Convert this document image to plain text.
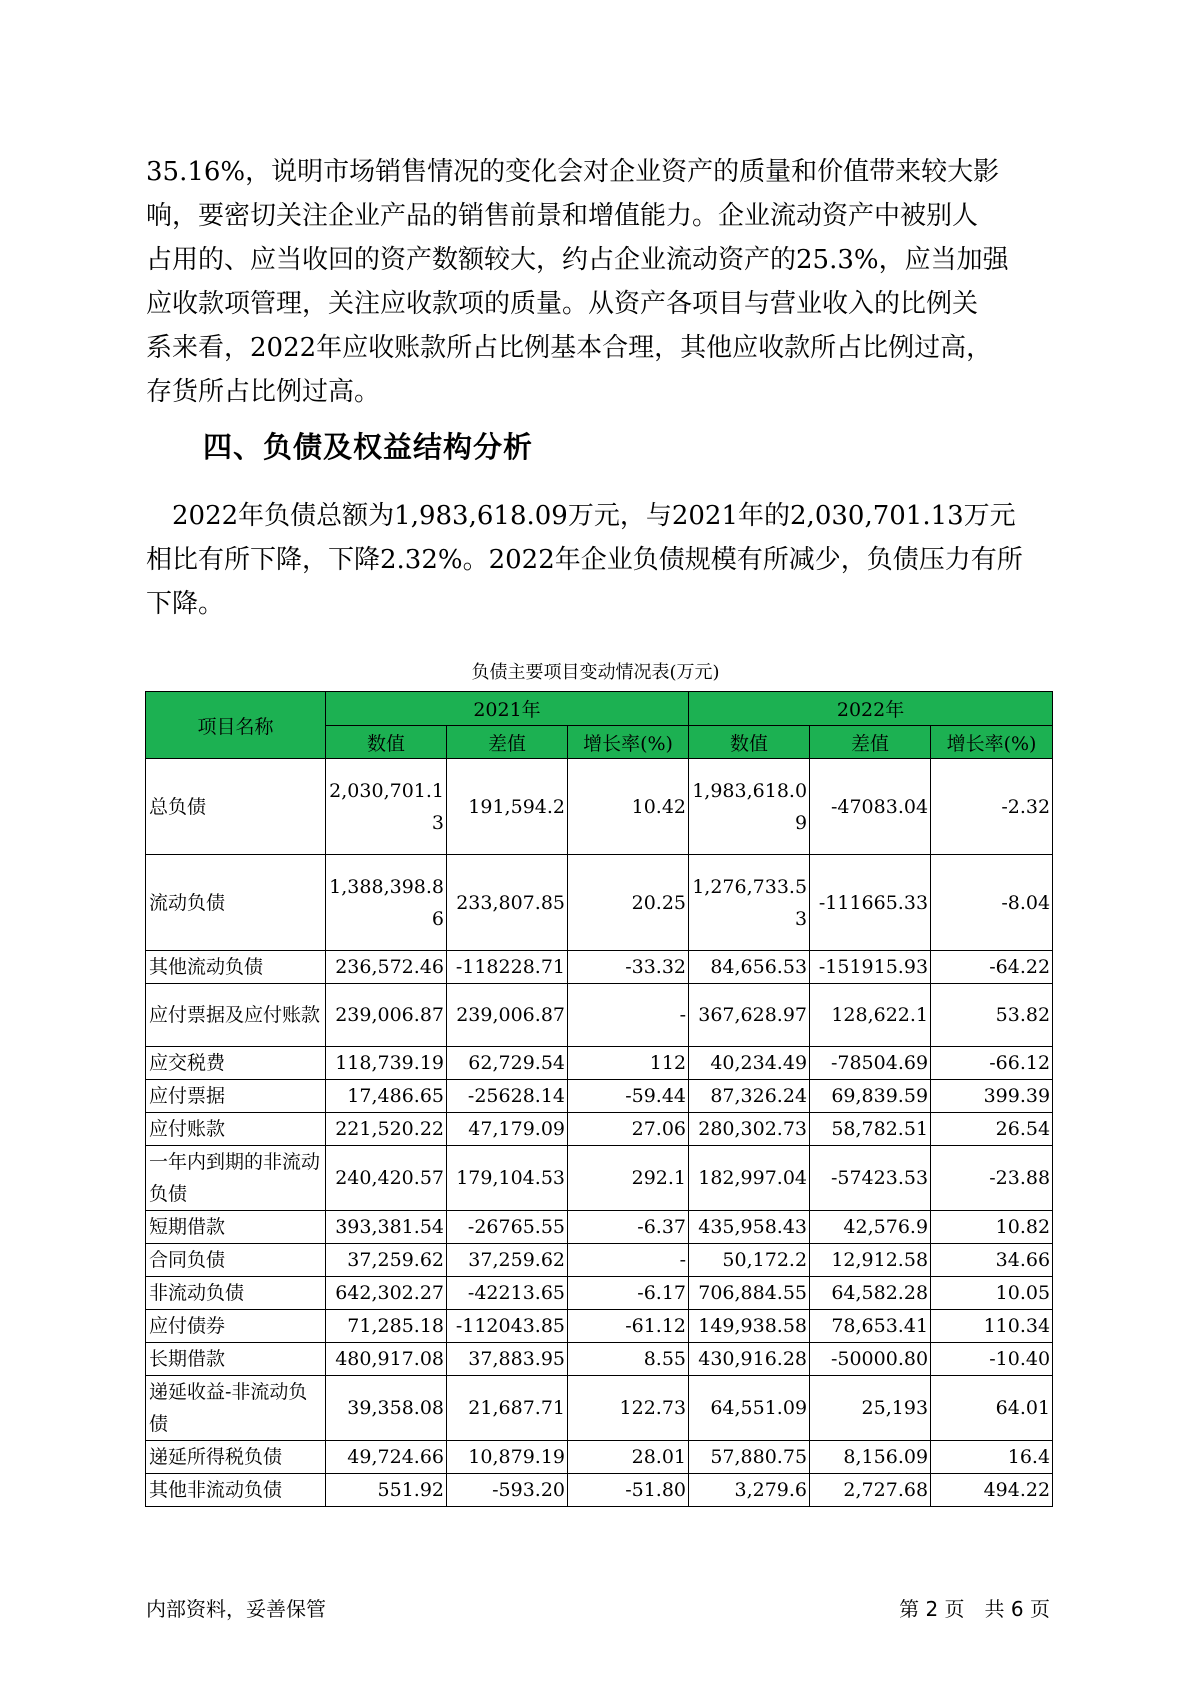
35.16%，说明市场销售情况的变化会对企业资产的质量和价值带来较大影
响，要密切关注企业产品的销售前景和增值能力。企业流动资产中被别人
占用的、应当收回的资产数额较大，约占企业流动资产的25.3%，应当加强
应收款项管理，关注应收款项的质量。从资产各项目与营业收入的比例关
系来看，2022年应收账款所占比例基本合理，其他应收款所占比例过高，
存货所占比例过高。
四、负债及权益结构分析
　2022年负债总额为1,983,618.09万元，与2021年的2,030,701.13万元
相比有所下降，下降2.32%。2022年企业负债规模有所减少，负债压力有所
下降。
负债主要项目变动情况表(万元)
项目名称	2021年			2022年		
	数值	差值	增长率(%)	数值	差值	增长率(%)
总负债	2,030,701.13	191,594.2	10.42	1,983,618.09	-47083.04	-2.32
流动负债	1,388,398.86	233,807.85	20.25	1,276,733.53	-111665.33	-8.04
其他流动负债	236,572.46	-118228.71	-33.32	84,656.53	-151915.93	-64.22
应付票据及应付账款	239,006.87	239,006.87	-	367,628.97	128,622.1	53.82
应交税费	118,739.19	62,729.54	112	40,234.49	-78504.69	-66.12
应付票据	17,486.65	-25628.14	-59.44	87,326.24	69,839.59	399.39
应付账款	221,520.22	47,179.09	27.06	280,302.73	58,782.51	26.54
一年内到期的非流动负债	240,420.57	179,104.53	292.1	182,997.04	-57423.53	-23.88
短期借款	393,381.54	-26765.55	-6.37	435,958.43	42,576.9	10.82
合同负债	37,259.62	37,259.62	-	50,172.2	12,912.58	34.66
非流动负债	642,302.27	-42213.65	-6.17	706,884.55	64,582.28	10.05
应付债券	71,285.18	-112043.85	-61.12	149,938.58	78,653.41	110.34
长期借款	480,917.08	37,883.95	8.55	430,916.28	-50000.80	-10.40
递延收益-非流动负债	39,358.08	21,687.71	122.73	64,551.09	25,193	64.01
递延所得税负债	49,724.66	10,879.19	28.01	57,880.75	8,156.09	16.4
其他非流动负债	551.92	-593.20	-51.80	3,279.6	2,727.68	494.22
内部资料，妥善保管	第 2 页　共 6 页
